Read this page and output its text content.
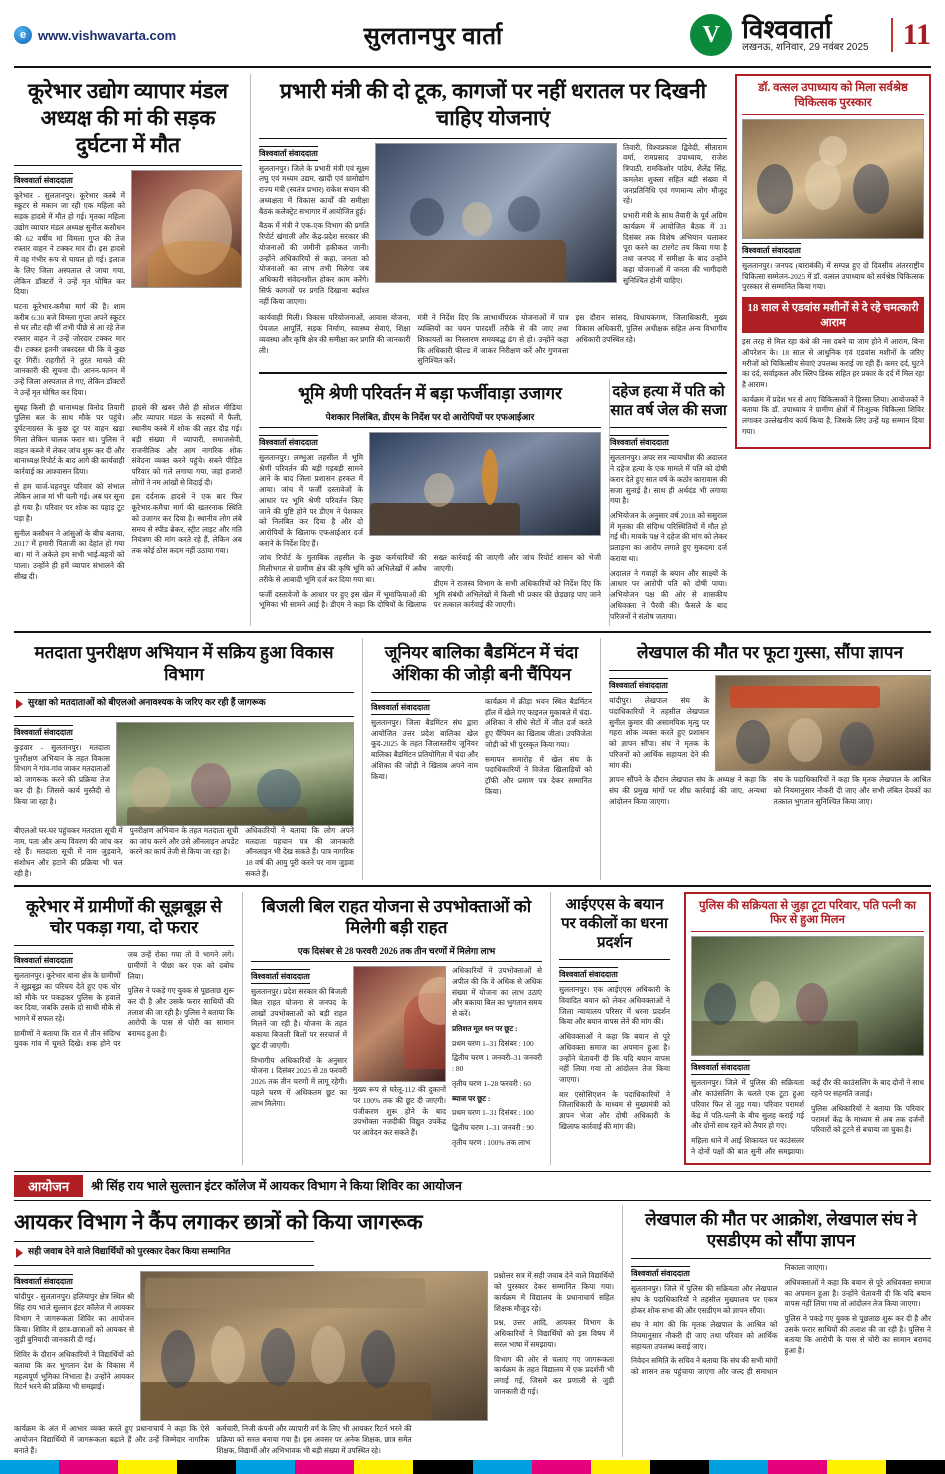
e www.vishwavarta.com	सुलतानपुर वार्ता	V विश्ववार्ता
लखनऊ, शनिवार, 29 नवंबर 2025	11
कूरेभार उद्योग व्यापार मंडल अध्यक्ष की मां की सड़क दुर्घटना में मौत
विश्ववार्ता संवाददाता

कूरेभार - सुलतानपुर। कूरेभार कस्बे में स्कूटर से मकान जा रही एक महिला को सड़क हादसे में मौत हो गई। मृतका महिला उद्योग व्यापार मंडल अध्यक्ष सुनील कसौधन की 62 वर्षीय मां विमला गुप्त की तेज रफ्तार वाहन ने टक्कर मार दी। इस हादसे में वह गंभीर रूप से घायल हो गई। इलाज के लिए जिला अस्पताल ले जाया गया, लेकिन डॉक्टरों ने उन्हें मृत घोषित कर दिया।

घटना कूरेभार-कमैचा मार्ग की है। शाम करीब 6:30 बजे विमला गुप्ता अपने स्कूटर से घर लौट रही थीं तभी पीछे से आ रहे तेज रफ्तार वाहन ने उन्हें जोरदार टक्कर मार दी। टक्कर इतनी जबरदस्त थी कि वे कुछ दूर गिरीं। राहगीरों ने तुरंत मामले की जानकारी की सूचना दी। आनन-फानन में उन्हें जिला अस्पताल ले गए, लेकिन डॉक्टरों ने उन्हें मृत घोषित कर दिया।

सुबह किसी ही थानाध्यक्ष विनोद तिवारी पुलिस बल के साथ मौके पर पहुंचे। दुर्घटनाग्रस्त के कुछ दूर पर वाहन खड़ा मिला लेकिन चालक फरार था। पुलिस ने वाहन कब्जे में लेकर जांच शुरू कर दी और थानाध्यक्ष रिपोर्ट के बाद आगे की कार्यवाही कार्रवाई का आश्वासन दिया।

से हम चार्ज-चहनपुर परिवार को संभाल लेकिन आज मां भी चली गई। अब घर सूना हो गया है। परिवार पर शोक का पहाड़ टूट पड़ा है।

सुनील कसौधन ने आंसुओं के बीच बताया, 2017 में हमारी पिताजी का देहांत हो गया था। मां ने अकेले हम सभी भाई-बहनों को पाला। उन्होंने ही हमें व्यापार संभालने की सीख दी।

हादसे की खबर जैसे ही सोशल मीडिया और व्यापार मंडल के सदस्यों में फैली, स्थानीय कस्बे में शोक की लहर दौड़ गई। बड़ी संख्या में व्यापारी, समाजसेवी, राजनीतिक और आम नागरिक शोक संवेदना व्यक्त करने पहुंचे। सबने पीड़ित परिवार को गले लगाया गया, जहां हजारों लोगों ने नम आंखों से विदाई दी।

इस दर्दनाक हादसे ने एक बार फिर कूरेभार-कमैचा मार्ग की खतरनाक स्थिति को उजागर कर दिया है। स्थानीय लोग लंबे समय से स्पीड ब्रेकर, स्ट्रीट लाइट और गति नियंत्रण की मांग करते रहे हैं, लेकिन अब तक कोई ठोस कदम नहीं उठाया गया।

प्रभारी मंत्री की दो टूक, कागजों पर नहीं धरातल पर दिखनी चाहिए योजनाएं
विश्ववार्ता संवाददाता

सुलतानपुर। जिले के प्रभारी मंत्री एवं सूक्ष्म लघु एवं मध्यम उद्यम, खादी एवं ग्रामोद्योग राज्य मंत्री (स्वतंत्र प्रभार) राकेश सचान की अध्यक्षता में विकास कार्यों की समीक्षा बैठक कलेक्ट्रेट सभागार में आयोजित हुई।

बैठक में मंत्री ने एक-एक विभाग की प्रगति रिपोर्ट खंगाली और केंद्र-प्रदेश सरकार की योजनाओं की जमीनी हकीकत जानी। उन्होंने अधिकारियों से कहा, जनता को योजनाओं का लाभ तभी मिलेगा जब अधिकारी संवेदनशील होकर काम करेंगे। सिर्फ कागजों पर प्रगति दिखाना बर्दाश्त नहीं किया जाएगा।

तिवारी, विश्वप्रकाश द्विवेदी, सीताराम वर्मा, रामप्रसाद उपाध्याय, राजेश त्रिपाठी, रामकिशोर पांडेय, शैलेंद्र सिंह, कमलेश शुक्ला सहित बड़ी संख्या में जनप्रतिनिधि एवं गणमान्य लोग मौजूद रहे।

प्रभारी मंत्री के साथ तैयारी के पूर्व अग्रिम कार्यक्रम में आयोजित बैठक में 31 दिसंबर तक विशेष अभियान चलाकर पूरा करने का टारगेट तय किया गया है तथा जनपद में समीक्षा के बाद उन्होंने कहा योजनाओं में जनता की भागीदारी सुनिश्चित होनी चाहिए।

कार्यवाही मिली। विकास परियोजनाओं, आवास योजना, पेयजल आपूर्ति, सड़क निर्माण, स्वास्थ्य सेवाएं, शिक्षा व्यवस्था और कृषि क्षेत्र की समीक्षा कर प्रगति की जानकारी ली।

मंत्री ने निर्देश दिए कि लाभार्थीपरक योजनाओं में पात्र व्यक्तियों का चयन पारदर्शी तरीके से की जाए तथा शिकायतों का निस्तारण समयबद्ध ढंग से हो। उन्होंने कहा कि अधिकारी फील्ड में जाकर निरीक्षण करें और गुणवत्ता सुनिश्चित करें।

इस दौरान सांसद, विधायकगण, जिलाधिकारी, मुख्य विकास अधिकारी, पुलिस अधीक्षक सहित अन्य विभागीय अधिकारी उपस्थित रहे।

भूमि श्रेणी परिवर्तन में बड़ा फर्जीवाड़ा उजागर
पेशकार निलंबित, डीएम के निर्देश पर दो आरोपियों पर एफआईआर
विश्ववार्ता संवाददाता

सुलतानपुर। लम्भुआ तहसील में भूमि श्रेणी परिवर्तन की बड़ी गड़बड़ी सामने आने के बाद जिला प्रशासन हरकत में आया। जांच में फर्जी दस्तावेजों के आधार पर भूमि श्रेणी परिवर्तन किए जाने की पुष्टि होने पर डीएम ने पेशकार को निलंबित कर दिया है और दो आरोपियों के खिलाफ एफआईआर दर्ज कराने के निर्देश दिए हैं।

जांच रिपोर्ट के मुताबिक तहसील के कुछ कर्मचारियों की मिलीभगत से ग्रामीण क्षेत्र की कृषि भूमि को अभिलेखों में अवैध तरीके से आबादी भूमि दर्ज कर दिया गया था।

फर्जी दस्तावेजों के आधार पर हुए इस खेल में भूमाफियाओं की भूमिका भी सामने आई है। डीएम ने कहा कि दोषियों के खिलाफ सख्त कार्रवाई की जाएगी और जांच रिपोर्ट शासन को भेजी जाएगी।

डीएम ने राजस्व विभाग के सभी अधिकारियों को निर्देश दिए कि भूमि संबंधी अभिलेखों में किसी भी प्रकार की छेड़छाड़ पाए जाने पर तत्काल कार्रवाई की जाएगी।

दहेज हत्या में पति को सात वर्ष जेल की सजा
विश्ववार्ता संवाददाता

सुलतानपुर। अपर सत्र न्यायाधीश की अदालत ने दहेज हत्या के एक मामले में पति को दोषी करार देते हुए सात वर्ष के कठोर कारावास की सजा सुनाई है। साथ ही अर्थदंड भी लगाया गया है।

अभियोजन के अनुसार वर्ष 2018 को ससुराल में मृतका की संदिग्ध परिस्थितियों में मौत हो गई थी। मायके पक्ष ने दहेज की मांग को लेकर प्रताड़ना का आरोप लगाते हुए मुकदमा दर्ज कराया था।

अदालत ने गवाहों के बयान और साक्ष्यों के आधार पर आरोपी पति को दोषी पाया। अभियोजन पक्ष की ओर से शासकीय अधिवक्ता ने पैरवी की। फैसले के बाद परिजनों ने संतोष जताया।

डॉ. वत्सल उपाध्याय को मिला सर्वश्रेष्ठ चिकित्सक पुरस्कार
विश्ववार्ता संवाददाता

सुलतानपुर। जनपद (बाराबंकी) में सम्पन्न हुए दो दिवसीय अंतरराष्ट्रीय चिकित्सा सम्मेलन-2025 में डॉ. वत्सल उपाध्याय को सर्वश्रेष्ठ चिकित्सक पुरस्कार से सम्मानित किया गया।

18 साल से एडवांस मशीनों से दे रहे चमत्कारी आराम

इस तरह से मिल रहा कंधे की नस दबने या जाम होने में आराम, बिना ऑपरेशन के। 18 साल से आधुनिक एवं एडवांस मशीनों के जरिए मरीजों को चिकित्सीय सेवाएं उपलब्ध कराई जा रही हैं। कमर दर्द, घुटने का दर्द, सर्वाइकल और स्लिप डिस्क सहित हर प्रकार के दर्द में मिल रहा है आराम।

कार्यक्रम में प्रदेश भर से आए चिकित्सकों ने हिस्सा लिया। आयोजकों ने बताया कि डॉ. उपाध्याय ने ग्रामीण क्षेत्रों में निःशुल्क चिकित्सा शिविर लगाकर उल्लेखनीय कार्य किया है, जिसके लिए उन्हें यह सम्मान दिया गया।

मतदाता पुनरीक्षण अभियान में सक्रिय हुआ विकास विभाग
सुरक्षा को मतदाताओं को बीएलओ अनावश्यक के जरिए कर रही हैं जागरूक
विश्ववार्ता संवाददाता

कुड़वार - सुलतानपुर। मतदाता पुनरीक्षण अभियान के तहत विकास विभाग ने गांव-गांव जाकर मतदाताओं को जागरूक करने की प्रक्रिया तेज कर दी है। जिससे कार्य मुस्तैदी से किया जा रहा है।

बीएलओ घर-घर पहुंचकर मतदाता सूची में नाम, पता और अन्य विवरण की जांच कर रहे हैं। मतदाता सूची में नाम जुड़वाने, संशोधन और हटाने की प्रक्रिया भी चल रही है।

पुनरीक्षण अभियान के तहत मतदाता सूची का जांच करने और उसे ऑनलाइन अपडेट करने का कार्य तेजी से किया जा रहा है।

अधिकारियों ने बताया कि लोग अपने मतदाता पहचान पत्र की जानकारी ऑनलाइन भी देख सकते हैं। पात्र नागरिक 18 वर्ष की आयु पूरी करने पर नाम जुड़वा सकते हैं।

जूनियर बालिका बैडमिंटन में चंदा अंशिका की जोड़ी बनी चैंपियन
विश्ववार्ता संवाददाता

सुलतानपुर। जिला बैडमिंटन संघ द्वारा आयोजित उत्तर प्रदेश बालिका खेल कूद-2025 के तहत जिलास्तरीय जूनियर बालिका बैडमिंटन प्रतियोगिता में चंदा और अंशिका की जोड़ी ने खिताब अपने नाम किया।

कार्यक्रम में क्रीड़ा भवन स्थित बैडमिंटन हॉल में खेले गए फाइनल मुकाबले में चंदा-अंशिका ने सीधे सेटों में जीत दर्ज करते हुए चैंपियन का खिताब जीता। उपविजेता जोड़ी को भी पुरस्कृत किया गया।

समापन समारोह में खेल संघ के पदाधिकारियों ने विजेता खिलाड़ियों को ट्रॉफी और प्रमाण पत्र देकर सम्मानित किया।

लेखपाल की मौत पर फूटा गुस्सा, सौंपा ज्ञापन
विश्ववार्ता संवाददाता

चांदीपुर। लेखपाल संघ के पदाधिकारियों ने तहसील लेखपाल सुनील कुमार की असामयिक मृत्यु पर गहरा शोक व्यक्त करते हुए प्रशासन को ज्ञापन सौंपा। संघ ने मृतक के परिजनों को आर्थिक सहायता देने की मांग की।

ज्ञापन सौंपने के दौरान लेखपाल संघ के अध्यक्ष ने कहा कि संघ की प्रमुख मांगों पर शीघ्र कार्रवाई की जाए, अन्यथा आंदोलन किया जाएगा।

संघ के पदाधिकारियों ने कहा कि मृतक लेखपाल के आश्रित को नियमानुसार नौकरी दी जाए और सभी लंबित देयकों का तत्काल भुगतान सुनिश्चित किया जाए।

कूरेभार में ग्रामीणों की सूझबूझ से चोर पकड़ा गया, दो फरार
विश्ववार्ता संवाददाता

सुलतानपुर। कूरेभार थाना क्षेत्र के ग्रामीणों ने सूझबूझ का परिचय देते हुए एक चोर को मौके पर पकड़कर पुलिस के हवाले कर दिया, जबकि उसके दो साथी मौके से भागने में सफल रहे।

ग्रामीणों ने बताया कि रात में तीन संदिग्ध युवक गांव में घूमते दिखे। शक होने पर जब उन्हें रोका गया तो वे भागने लगे। ग्रामीणों ने पीछा कर एक को दबोच लिया।

पुलिस ने पकड़े गए युवक से पूछताछ शुरू कर दी है और उसके फरार साथियों की तलाश की जा रही है। पुलिस ने बताया कि आरोपी के पास से चोरी का सामान बरामद हुआ है।

बिजली बिल राहत योजना से उपभोक्ताओं को मिलेगी बड़ी राहत
एक दिसंबर से 28 फरवरी 2026 तक तीन चरणों में मिलेगा लाभ
विश्ववार्ता संवाददाता

सुलतानपुर। प्रदेश सरकार की बिजली बिल राहत योजना से जनपद के लाखों उपभोक्ताओं को बड़ी राहत मिलने जा रही है। योजना के तहत बकाया बिजली बिलों पर सरचार्ज में छूट दी जाएगी।

विभागीय अधिकारियों के अनुसार योजना 1 दिसंबर 2025 से 28 फरवरी 2026 तक तीन चरणों में लागू रहेगी। पहले चरण में अधिकतम छूट का लाभ मिलेगा।

मुख्य रूप से घरेलू-112 की दुकानों पर 100% तक की छूट दी जाएगी। पंजीकरण शुरू होने के बाद उपभोक्ता नजदीकी विद्युत उपकेंद्र पर आवेदन कर सकते हैं।

अधिकारियों ने उपभोक्ताओं से अपील की कि वे अधिक से अधिक संख्या में योजना का लाभ उठाएं और बकाया बिल का भुगतान समय से करें।

प्रतिशत मूल धन पर छूट :

प्रथम चरण 1–31 दिसंबर : 100

द्वितीय चरण 1 जनवरी–31 जनवरी : 80

तृतीय चरण 1–28 फरवरी : 60

ब्याज पर छूट :

प्रथम चरण 1–31 दिसंबर : 100

द्वितीय चरण 1–31 जनवरी : 90

तृतीय चरण : 100% तक लाभ

आईएएस के बयान पर वकीलों का धरना प्रदर्शन
विश्ववार्ता संवाददाता

सुलतानपुर। एक आईएएस अधिकारी के विवादित बयान को लेकर अधिवक्ताओं ने जिला न्यायालय परिसर में धरना प्रदर्शन किया और बयान वापस लेने की मांग की।

अधिवक्ताओं ने कहा कि बयान से पूरे अधिवक्ता समाज का अपमान हुआ है। उन्होंने चेतावनी दी कि यदि बयान वापस नहीं लिया गया तो आंदोलन तेज किया जाएगा।

बार एसोसिएशन के पदाधिकारियों ने जिलाधिकारी के माध्यम से मुख्यमंत्री को ज्ञापन भेजा और दोषी अधिकारी के खिलाफ कार्रवाई की मांग की।

पुलिस की सक्रियता से जुड़ा टूटा परिवार, पति पत्नी का फिर से हुआ मिलन
विश्ववार्ता संवाददाता

सुलतानपुर। जिले में पुलिस की सक्रियता और काउंसलिंग के चलते एक टूटा हुआ परिवार फिर से जुड़ गया। परिवार परामर्श केंद्र में पति-पत्नी के बीच सुलह कराई गई और दोनों साथ रहने को तैयार हो गए।

महिला थाने में आई शिकायत पर काउंसलर ने दोनों पक्षों की बात सुनी और समझाया। कई दौर की काउंसलिंग के बाद दोनों ने साथ रहने पर सहमति जताई।

पुलिस अधिकारियों ने बताया कि परिवार परामर्श केंद्र के माध्यम से अब तक दर्जनों परिवारों को टूटने से बचाया जा चुका है।

आयोजन	श्री सिंह राय भाले सुल्तान इंटर कॉलेज में आयकर विभाग ने किया शिविर का आयोजन
आयकर विभाग ने कैंप लगाकर छात्रों को किया जागरूक
सही जवाब देने वाले विद्यार्थियों को पुरस्कार देकर किया सम्मानित
विश्ववार्ता संवाददाता

चांदीपुर - सुलतानपुर। हलियापुर क्षेत्र स्थित श्री सिंह राय भाले सुल्तान इंटर कॉलेज में आयकर विभाग ने जागरूकता शिविर का आयोजन किया। शिविर में छात्र-छात्राओं को आयकर से जुड़ी बुनियादी जानकारी दी गई।

शिविर के दौरान अधिकारियों ने विद्यार्थियों को बताया कि कर भुगतान देश के विकास में महत्वपूर्ण भूमिका निभाता है। उन्होंने आयकर रिटर्न भरने की प्रक्रिया भी समझाई।

प्रश्नोत्तर सत्र में सही जवाब देने वाले विद्यार्थियों को पुरस्कार देकर सम्मानित किया गया। कार्यक्रम में विद्यालय के प्रधानाचार्य सहित शिक्षक मौजूद रहे।

प्रश्न, उत्तर आदि, आयकर विभाग के अधिकारियों ने विद्यार्थियों को इस विषय में सरल भाषा में समझाया।

विभाग की ओर से चलाए गए जागरूकता कार्यक्रम के तहत विद्यालय में एक प्रदर्शनी भी लगाई गई, जिसमें कर प्रणाली से जुड़ी जानकारी दी गई।

कार्यक्रम के अंत में आभार व्यक्त करते हुए प्रधानाचार्य ने कहा कि ऐसे आयोजन विद्यार्थियों में जागरूकता बढ़ाते हैं और उन्हें जिम्मेदार नागरिक बनाते हैं।

कर्मचारी, निजी कंपनी और व्यापारी वर्ग के लिए भी आयकर रिटर्न भरने की प्रक्रिया को सरल बनाया गया है। इस अवसर पर अनेक शिक्षक, छात्र समेत शिक्षक, विद्यार्थी और अभिभावक भी बड़ी संख्या में उपस्थित रहे।

लेखपाल की मौत पर आक्रोश, लेखपाल संघ ने एसडीएम को सौंपा ज्ञापन
विश्ववार्ता संवाददाता

सुलतानपुर। जिले में पुलिस की सक्रियता और लेखपाल संघ के पदाधिकारियों ने तहसील मुख्यालय पर एकत्र होकर शोक सभा की और एसडीएम को ज्ञापन सौंपा।

संघ ने मांग की कि मृतक लेखपाल के आश्रित को नियमानुसार नौकरी दी जाए तथा परिवार को आर्थिक सहायता उपलब्ध कराई जाए।

निवेदन समिति के सचिव ने बताया कि संघ की सभी मांगों को शासन तक पहुंचाया जाएगा और जल्द ही समाधान निकाला जाएगा।

अधिवक्ताओं ने कहा कि बयान से पूरे अधिवक्ता समाज का अपमान हुआ है। उन्होंने चेतावनी दी कि यदि बयान वापस नहीं लिया गया तो आंदोलन तेज किया जाएगा।

पुलिस ने पकड़े गए युवक से पूछताछ शुरू कर दी है और उसके फरार साथियों की तलाश की जा रही है। पुलिस ने बताया कि आरोपी के पास से चोरी का सामान बरामद हुआ है।
